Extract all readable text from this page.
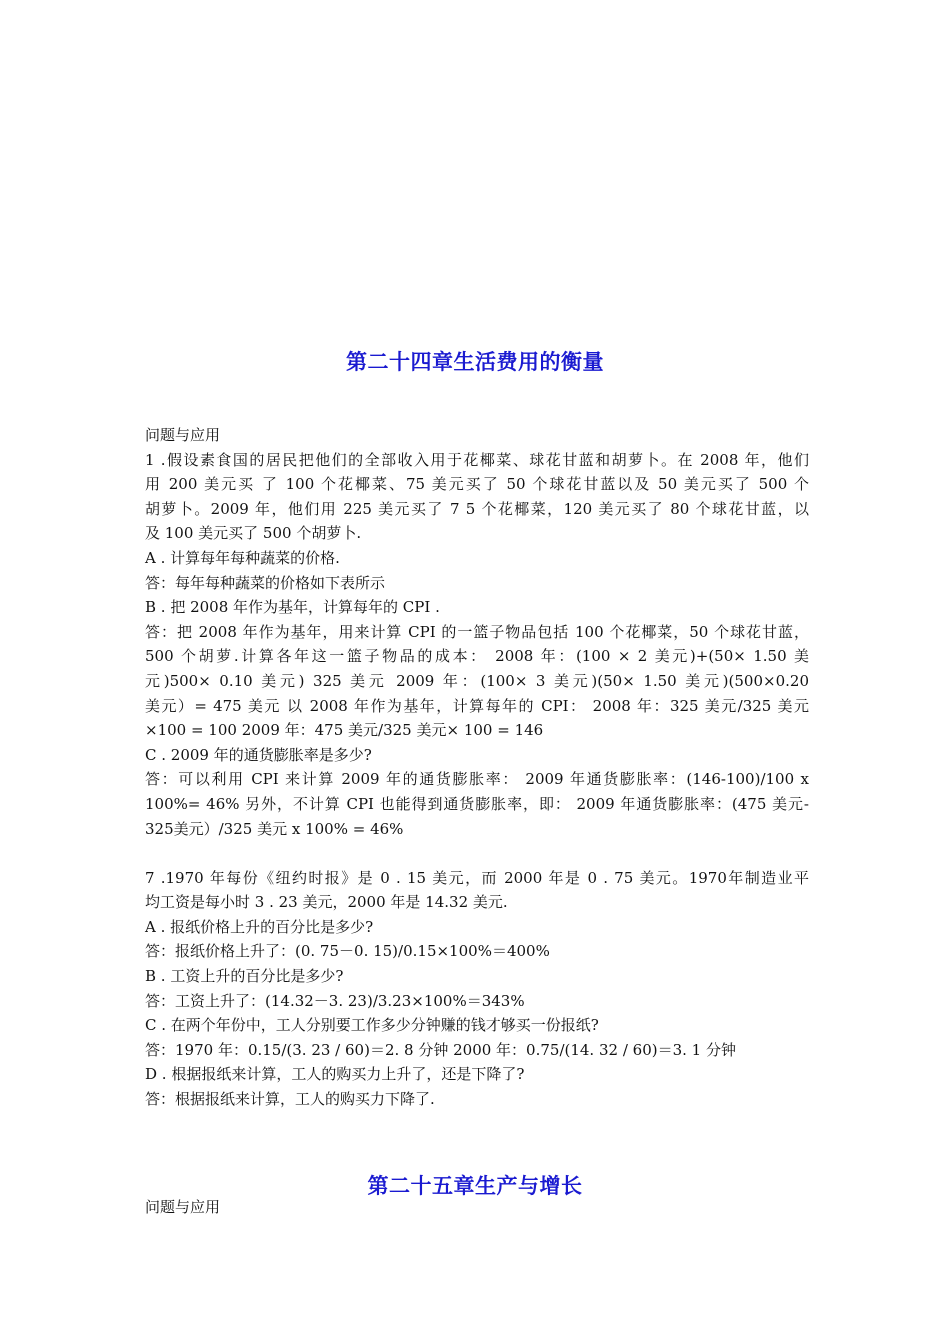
第二十四章生活费用的衡量
问题与应用
1 .假设素食国的居民把他们的全部收入用于花椰菜、球花甘蓝和胡萝卜。在 2008 年，他们
用 200 美元买 了 100 个花椰菜、75 美元买了 50 个球花甘蓝以及 50 美元买了 500 个
胡萝卜。2009 年，他们用 225 美元买了 7 5 个花椰菜，120 美元买了 80 个球花甘蓝，以
及 100 美元买了 500 个胡萝卜.
A . 计算每年每种蔬菜的价格.
答：每年每种蔬菜的价格如下表所示
B . 把 2008 年作为基年，计算每年的 CPI .
答：把 2008 年作为基年，用来计算 CPI 的一篮子物品包括 100 个花椰菜，50 个球花甘蓝，
500 个胡萝.计算各年这一篮子物品的成本： 2008 年：(100 × 2 美元)+(50× 1.50 美
元)500× 0.10 美元) 325 美元 2009 年：(100× 3 美元)(50× 1.50 美元)(500×0.20
美元）= 475 美元 以 2008 年作为基年，计算每年的 CPI： 2008 年：325 美元/325 美元
×100 = 100 2009 年：475 美元/325 美元× 100 = 146
C . 2009 年的通货膨胀率是多少?
答：可以利用 CPI 来计算 2009 年的通货膨胀率： 2009 年通货膨胀率：(146-100)/100 x
100%= 46% 另外，不计算 CPI 也能得到通货膨胀率，即： 2009 年通货膨胀率：(475 美元-
325美元）/325 美元 x 100% = 46%
7 .1970 年每份《纽约时报》是 0 . 15 美元，而 2000 年是 0 . 75 美元。1970年制造业平
均工资是每小时 3 . 23 美元，2000 年是 14.32 美元.
A . 报纸价格上升的百分比是多少?
答：报纸价格上升了：(0. 75－0. 15)/0.15×100%＝400%
B . 工资上升的百分比是多少?
答：工资上升了：(14.32－3. 23)/3.23×100%＝343%
C . 在两个年份中，工人分别要工作多少分钟赚的钱才够买一份报纸?
答：1970 年：0.15/(3. 23 / 60)＝2. 8 分钟 2000 年：0.75/(14. 32 / 60)＝3. 1 分钟
D . 根据报纸来计算，工人的购买力上升了，还是下降了?
答：根据报纸来计算，工人的购买力下降了.
第二十五章生产与增长
问题与应用
